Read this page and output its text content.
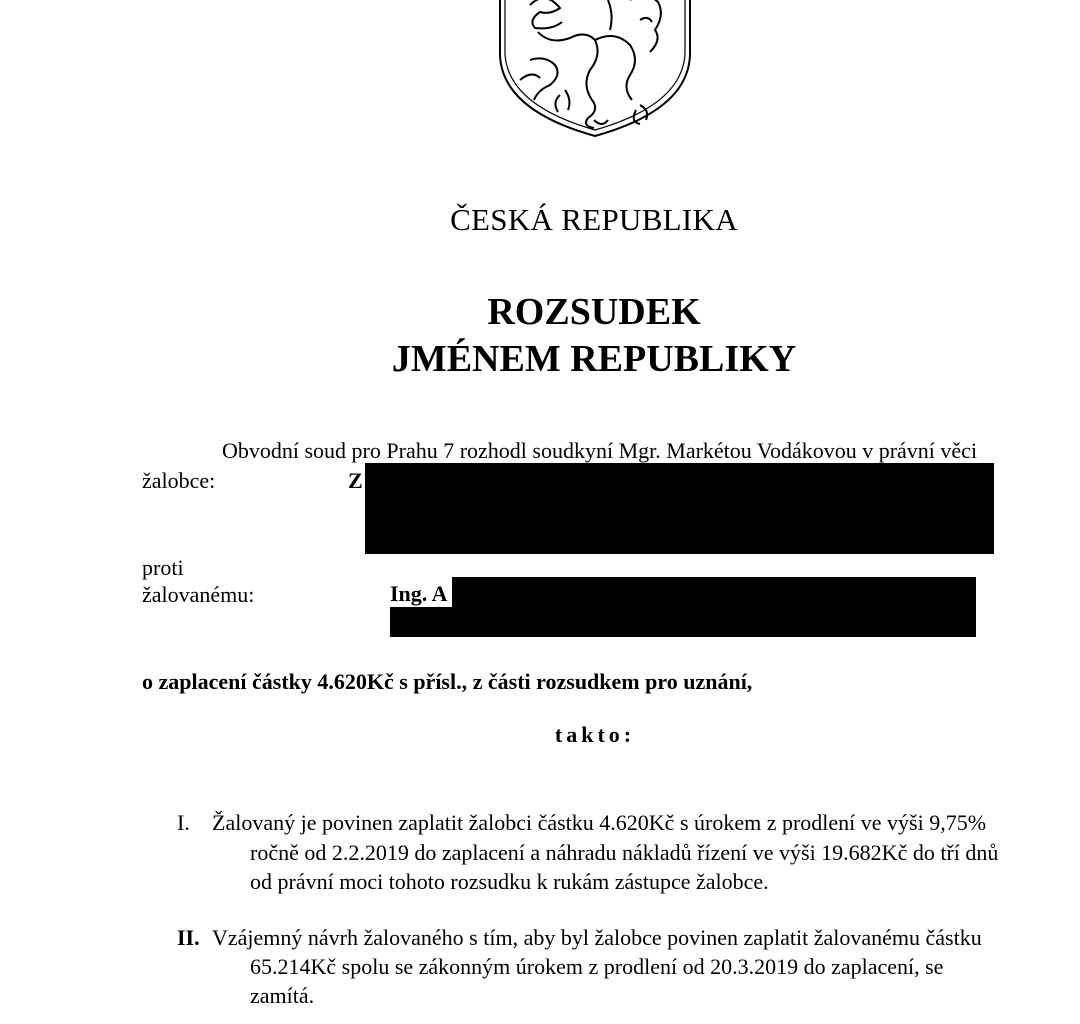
ČESKÁ REPUBLIKA
ROZSUDEK
JMÉNEM REPUBLIKY
Obvodní soud pro Prahu 7 rozhodl soudkyní Mgr. Markétou Vodákovou v právní věci
žalobce:	Z
proti
žalovanému:	Ing. A
o zaplacení částky 4.620Kč s přísl., z části rozsudkem pro uznání,
takto:
I. Žalovaný je povinen zaplatit žalobci částku 4.620Kč s úrokem z prodlení ve výši 9,75%
ročně od 2.2.2019 do zaplacení a náhradu nákladů řízení ve výši 19.682Kč do tří dnů
od právní moci tohoto rozsudku k rukám zástupce žalobce.
II. Vzájemný návrh žalovaného s tím, aby byl žalobce povinen zaplatit žalovanému částku
65.214Kč spolu se zákonným úrokem z prodlení od 20.3.2019 do zaplacení, se
zamítá.
